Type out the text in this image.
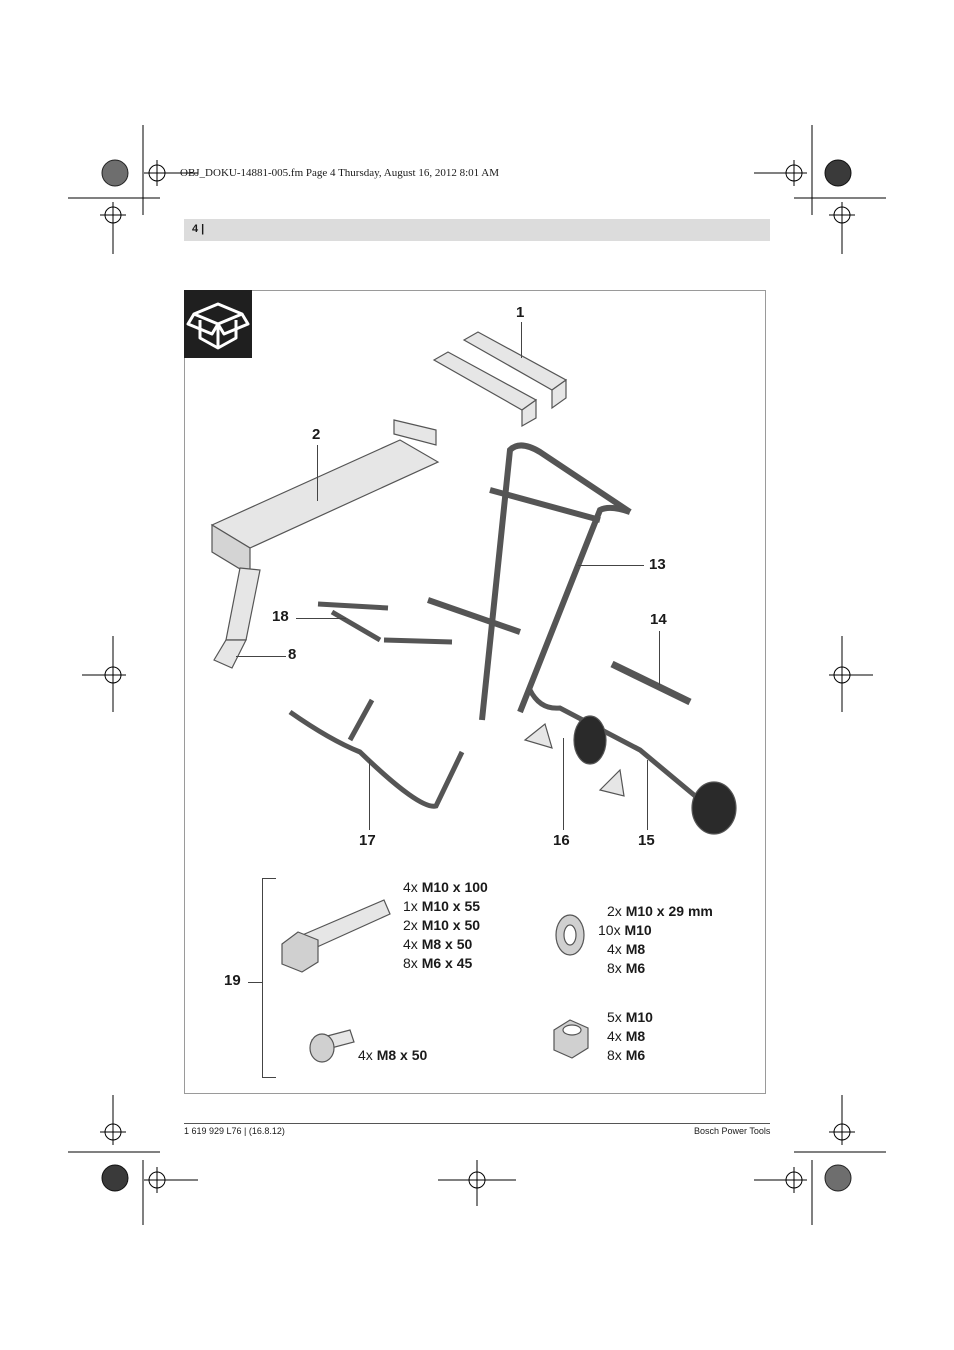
OBJ_DOKU-14881-005.fm Page 4 Thursday, August 16, 2012 8:01 AM
4 |
1
2
13
18
8
14
17	16	15
19
4x M10 x 100
1x M10 x 55
2x M10 x 50
4x M8 x 50
8x M6 x 45
2x M10 x 29 mm
10x M10
4x M8
8x M6
4x M8 x 50
5x M10
4x M8
8x M6
1 619 929 L76 | (16.8.12)	Bosch Power Tools
